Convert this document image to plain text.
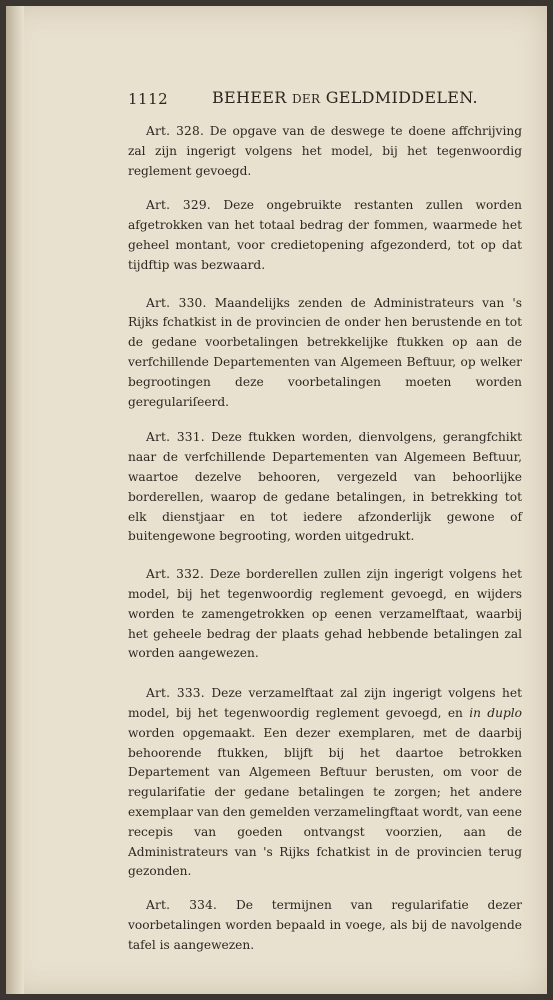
1112	BEHEER DER GELDMIDDELEN.

Art. 328. De opgave van de deswege te doene affchrijving zal zijn ingerigt volgens het model, bij het tegenwoordig reglement gevoegd.

Art. 329. Deze ongebruikte restanten zullen worden afgetrokken van het totaal bedrag der fommen, waarmede het geheel montant, voor credietopening afgezonderd, tot op dat tijdftip was bezwaard.

Art. 330. Maandelijks zenden de Administrateurs van 's Rijks fchatkist in de provincien de onder hen berustende en tot de gedane voorbetalingen betrekkelijke ftukken op aan de verfchillende Departementen van Algemeen Beftuur, op welker begrootingen deze voorbetalingen moeten worden geregulariſeerd.

Art. 331. Deze ftukken worden, dienvolgens, gerangfchikt naar de verfchillende Departementen van Algemeen Beftuur, waartoe dezelve behooren, vergezeld van behoorlijke borderellen, waarop de gedane betalingen, in betrekking tot elk dienstjaar en tot iedere afzonderlijk gewone of buitengewone begrooting, worden uitgedrukt.

Art. 332. Deze borderellen zullen zijn ingerigt volgens het model, bij het tegenwoordig reglement gevoegd, en wijders worden te zamengetrokken op eenen verzamelftaat, waarbij het geheele bedrag der plaats gehad hebbende betalingen zal worden aangewezen.

Art. 333. Deze verzamelftaat zal zijn ingerigt volgens het model, bij het tegenwoordig reglement gevoegd, en in duplo worden opgemaakt. Een dezer exemplaren, met de daarbij behoorende ftukken, blijft bij het daartoe betrokken Departement van Algemeen Beftuur berusten, om voor de regularifatie der gedane betalingen te zorgen; het andere exemplaar van den gemelden verzamelingftaat wordt, van eene recepis van goeden ontvangst voorzien, aan de Administrateurs van 's Rijks fchatkist in de provincien terug gezonden.

Art. 334. De termijnen van regularifatie dezer voorbetalingen worden bepaald in voege, als bij de navolgende tafel is aangewezen.
